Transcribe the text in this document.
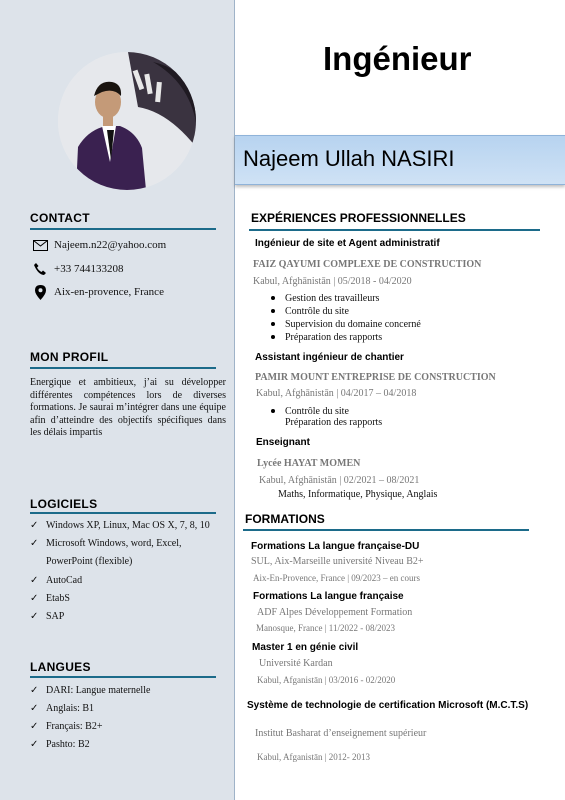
CONTACT
Najeem.n22@yahoo.com
+33 744133208
Aix-en-provence, France
MON PROFIL
Energique et ambitieux, j’ai su développer différentes compétences lors de diverses formations. Je saurai m’intégrer dans une équipe afin d’atteindre des objectifs spécifiques dans les délais impartis
LOGICIELS
✓ Windows XP, Linux, Mac OS X, 7, 8, 10
✓ Microsoft Windows, word, Excel,
PowerPoint (flexible)
✓ AutoCad
✓ EtabS
✓ SAP
LANGUES
✓ DARI: Langue maternelle
✓ Anglais: B1
✓ Français: B2+
✓ Pashto: B2
Ingénieur
Najeem Ullah NASIRI
EXPÉRIENCES PROFESSIONNELLES
Ingénieur de site et Agent administratif
FAIZ QAYUMI COMPLEXE DE CONSTRUCTION
Kabul, Afghānistān | 05/2018 - 04/2020
Gestion des travailleurs
Contrôle du site
Supervision du domaine concerné
Préparation des rapports
Assistant ingénieur de chantier
PAMIR MOUNT ENTREPRISE DE CONSTRUCTION
Kabul, Afghānistān | 04/2017 – 04/2018
Contrôle du site
Préparation des rapports
Enseignant
Lycée HAYAT MOMEN
Kabul, Afghānistān | 02/2021 – 08/2021
Maths, Informatique, Physique, Anglais
FORMATIONS
Formations La langue française-DU
SUL, Aix-Marseille université Niveau B2+
Aix-En-Provence, France | 09/2023 – en cours
Formations La langue française
ADF Alpes Développement Formation
Manosque, France | 11/2022 - 08/2023
Master 1 en génie civil
Université Kardan
Kabul, Afganistān | 03/2016 - 02/2020
Système de technologie de certification Microsoft (M.C.T.S)
Institut Basharat d’enseignement supérieur
Kabul, Afganistān | 2012- 2013
